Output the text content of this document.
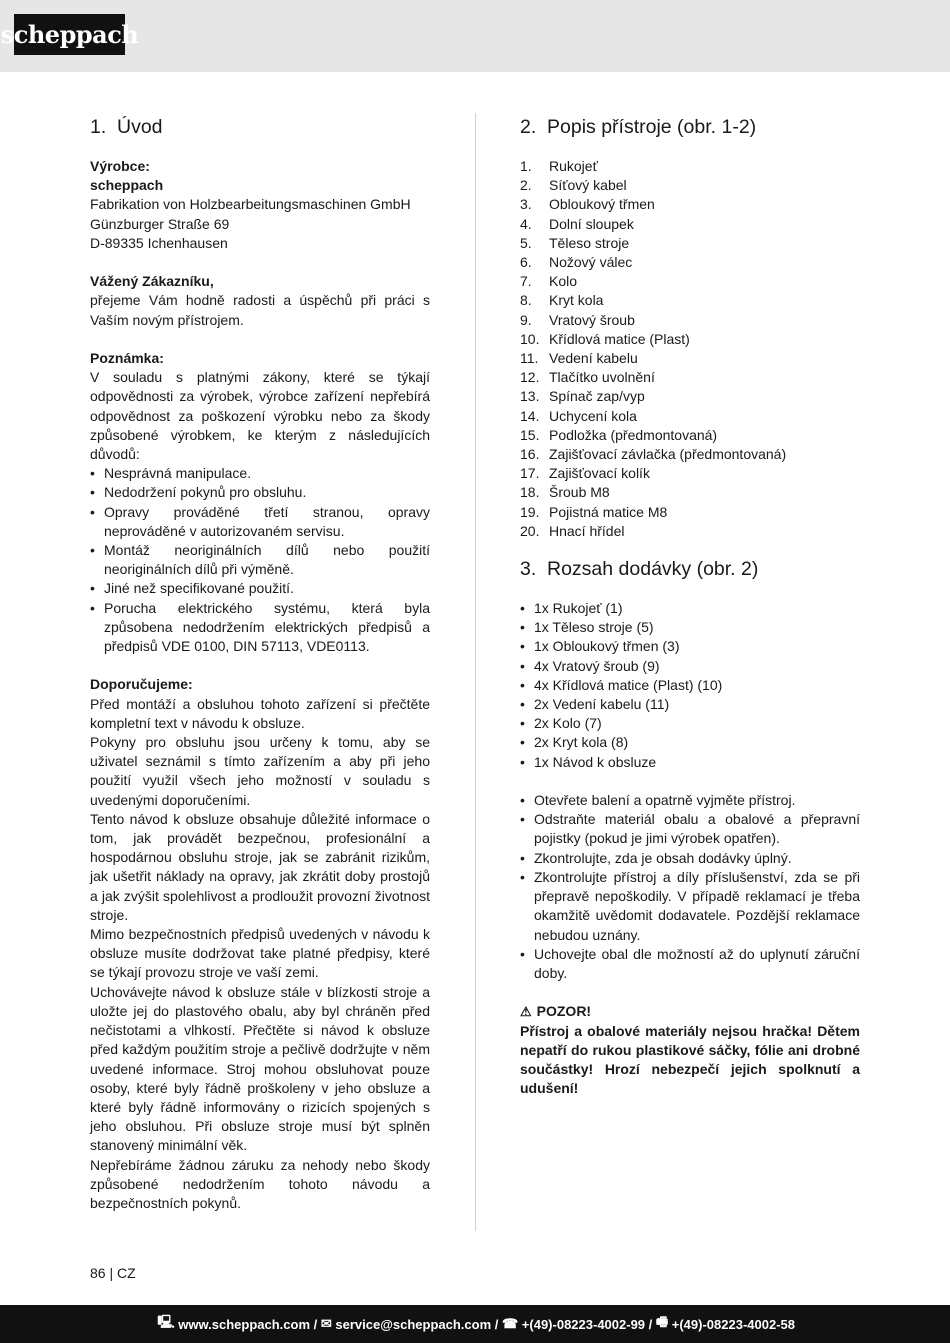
scheppach
1. Úvod
Výrobce:
scheppach
Fabrikation von Holzbearbeitungsmaschinen GmbH
Günzburger Straße 69
D-89335 Ichenhausen
Vážený Zákazníku,

přejeme Vám hodně radosti a úspěchů při práci s Vaším novým přístrojem.

Poznámka:

V souladu s platnými zákony, které se týkají odpovědnosti za výrobek, výrobce zařízení nepřebírá odpovědnost za poškození výrobku nebo za škody způsobené výrobkem, ke kterým z následujících důvodů:

• Nesprávná manipulace.
• Nedodržení pokynů pro obsluhu.
• Opravy prováděné třetí stranou, opravy neprováděné v autorizovaném servisu.
• Montáž neoriginálních dílů nebo použití neoriginálních dílů při výměně.
• Jiné než specifikované použití.
• Porucha elektrického systému, která byla způsobena nedodržením elektrických předpisů a předpisů VDE 0100, DIN 57113, VDE0113.
Doporučujeme:

Před montáží a obsluhou tohoto zařízení si přečtěte kompletní text v návodu k obsluze.

Pokyny pro obsluhu jsou určeny k tomu, aby se uživatel seznámil s tímto zařízením a aby při jeho použití využil všech jeho možností v souladu s uvedenými doporučeními.

Tento návod k obsluze obsahuje důležité informace o tom, jak provádět bezpečnou, profesionální a hospodárnou obsluhu stroje, jak se zabránit rizikům, jak ušetřit náklady na opravy, jak zkrátit doby prostojů a jak zvýšit spolehlivost a prodloužit provozní životnost stroje.

Mimo bezpečnostních předpisů uvedených v návodu k obsluze musíte dodržovat take platné předpisy, které se týkají provozu stroje ve vaší zemi.

Uchovávejte návod k obsluze stále v blízkosti stroje a uložte jej do plastového obalu, aby byl chráněn před nečistotami a vlhkostí. Přečtěte si návod k obsluze před každým použitím stroje a pečlivě dodržujte v něm uvedené informace. Stroj mohou obsluhovat pouze osoby, které byly řádně proškoleny v jeho obsluze a které byly řádně informovány o rizicích spojených s jeho obsluhou. Při obsluze stroje musí být splněn stanovený minimální věk.

Nepřebíráme žádnou záruku za nehody nebo škody způsobené nedodržením tohoto návodu a bezpečnostních pokynů.

2. Popis přístroje (obr. 1-2)
1.	Rukojeť
2.	Síťový kabel
3.	Obloukový třmen
4.	Dolní sloupek
5.	Těleso stroje
6.	Nožový válec
7.	Kolo
8.	Kryt kola
9.	Vratový šroub
10. Křídlová matice (Plast)
11. Vedení kabelu
12. Tlačítko uvolnění
13. Spínač zap/vyp
14. Uchycení kola
15. Podložka (předmontovaná)
16. Zajišťovací závlačka (předmontovaná)
17. Zajišťovací kolík
18. Šroub M8
19. Pojistná matice M8
20. Hnací hřídel
3. Rozsah dodávky (obr. 2)
• 1x Rukojeť (1)
• 1x Těleso stroje (5)
• 1x Obloukový třmen (3)
• 4x Vratový šroub (9)
• 4x Křídlová matice (Plast) (10)
• 2x Vedení kabelu (11)
• 2x Kolo (7)
• 2x Kryt kola (8)
• 1x Návod k obsluze
• Otevřete balení a opatrně vyjměte přístroj.
• Odstraňte materiál obalu a obalové a přepravní pojistky (pokud je jimi výrobek opatřen).
• Zkontrolujte, zda je obsah dodávky úplný.
• Zkontrolujte přístroj a díly příslušenství, zda se při přepravě nepoškodily. V případě reklamací je třeba okamžitě uvědomit dodavatele. Pozdější reklamace nebudou uznány.
• Uchovejte obal dle možností až do uplynutí záruční doby.
⚠ POZOR!

Přístroj a obalové materiály nejsou hračka! Dětem nepatří do rukou plastikové sáčky, fólie ani drobné součástky! Hrozí nebezpečí jejich spolknutí a udušení!

86 | CZ
🖳 www.scheppach.com / ✉ service@scheppach.com / ☎ +(49)-08223-4002-99 / 🖷 +(49)-08223-4002-58
